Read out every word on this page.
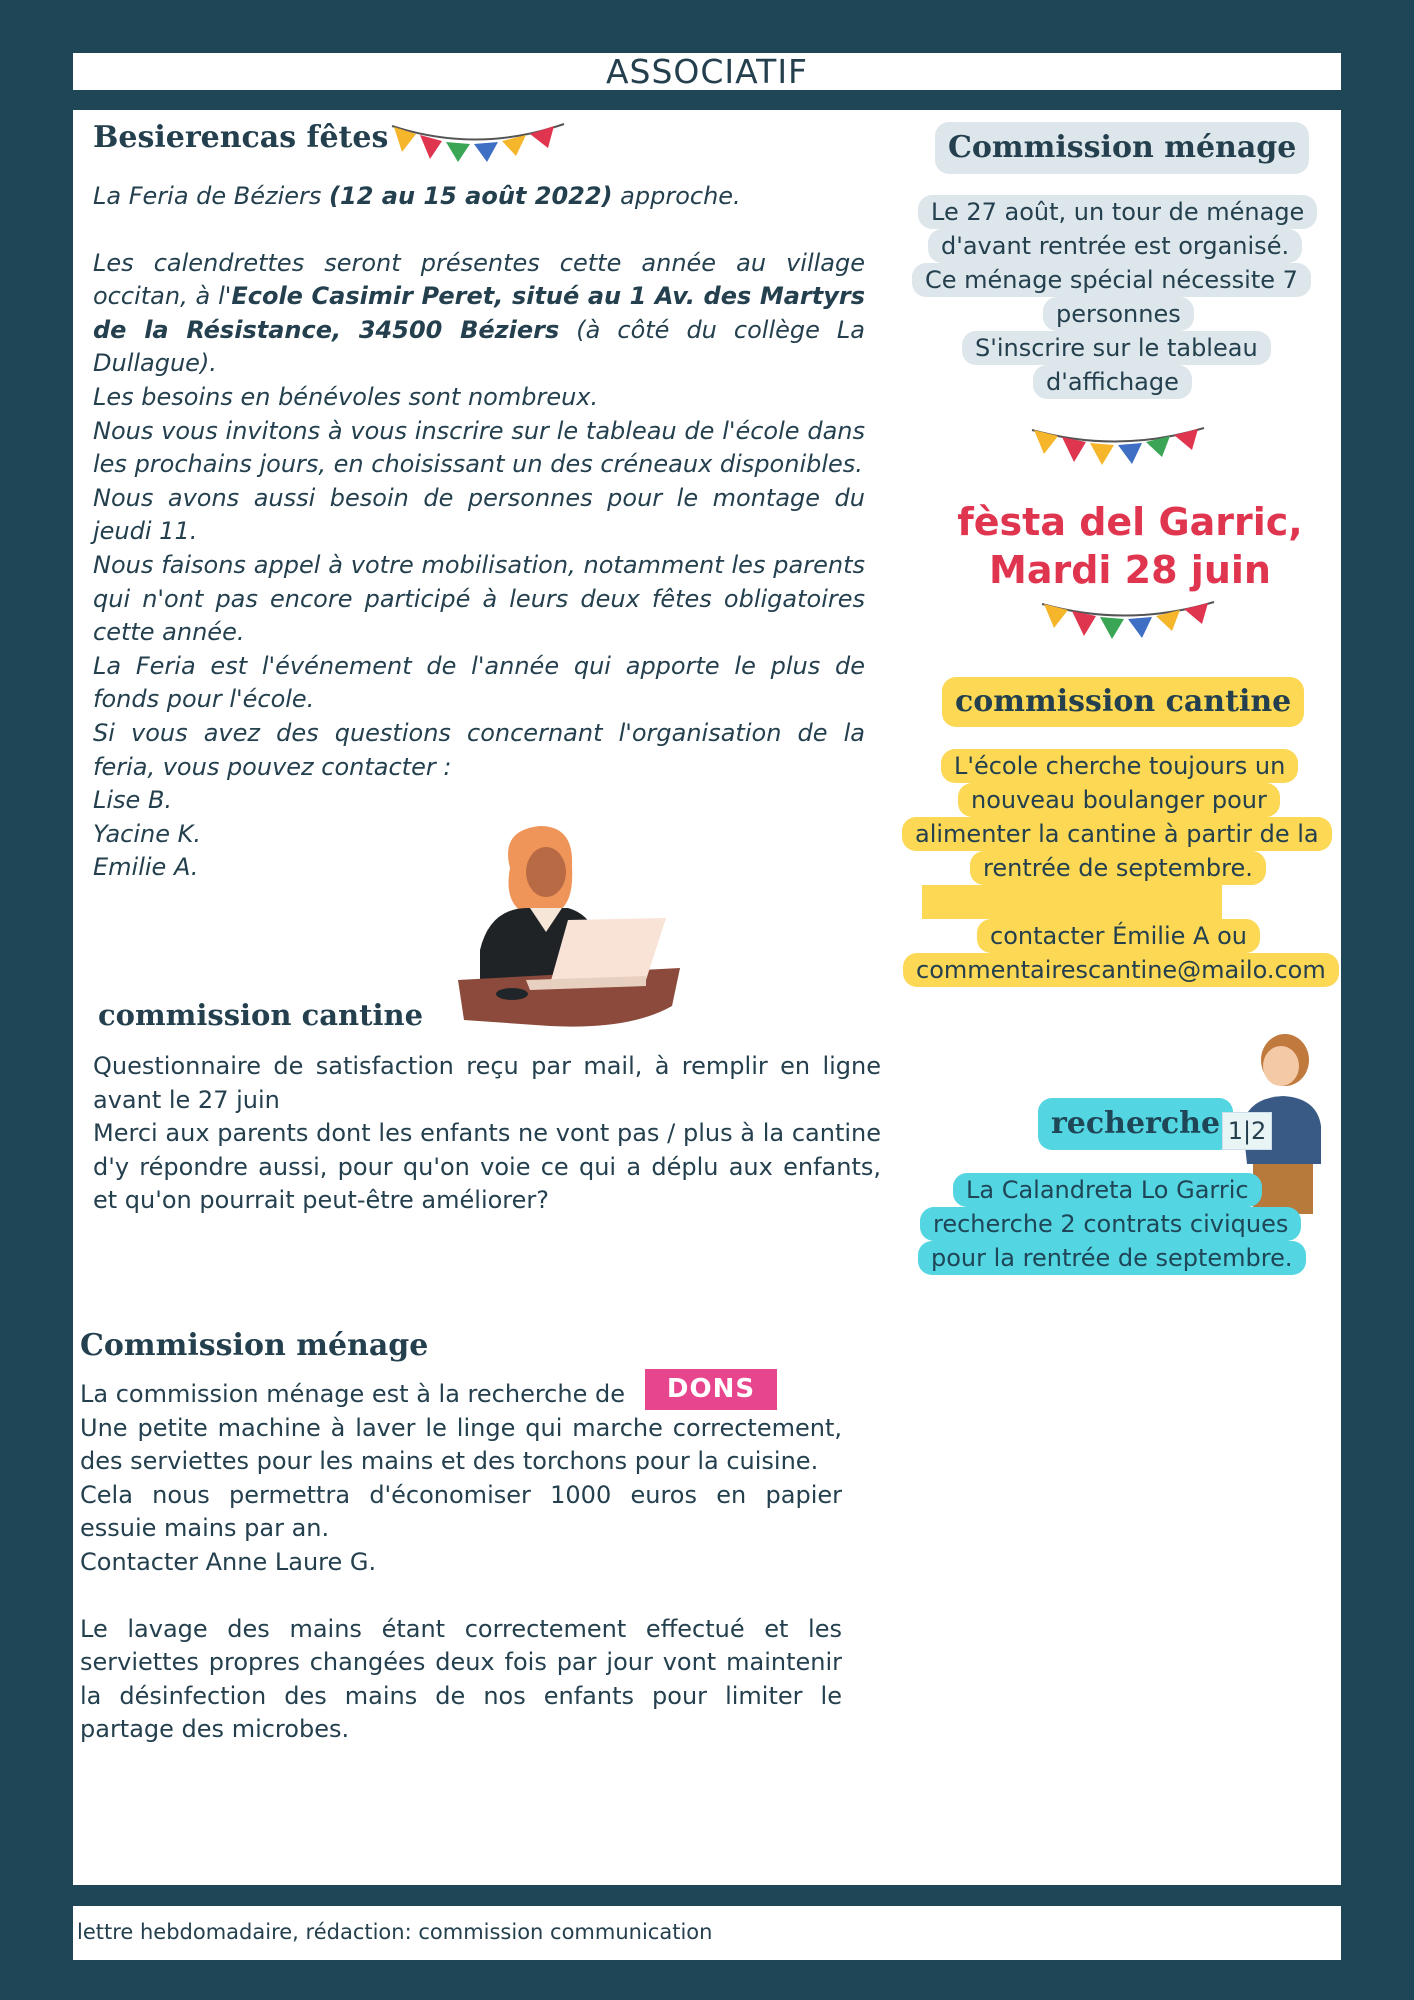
ASSOCIATIF
Besierencas fêtes
La Feria de Béziers (12 au 15 août 2022) approche.
Les calendrettes seront présentes cette année au village occitan, à l'Ecole Casimir Peret, situé au 1 Av. des Martyrs de la Résistance, 34500 Béziers (à côté du collège La Dullague).
Les besoins en bénévoles sont nombreux.
Nous vous invitons à vous inscrire sur le tableau de l'école dans les prochains jours, en choisissant un des créneaux disponibles.
Nous avons aussi besoin de personnes pour le montage du jeudi 11.
Nous faisons appel à votre mobilisation, notamment les parents qui n'ont pas encore participé à leurs deux fêtes obligatoires cette année.
La Feria est l'événement de l'année qui apporte le plus de fonds pour l'école.
Si vous avez des questions concernant l'organisation de la feria, vous pouvez contacter :
Lise B.
Yacine K.
Emilie A.
commission cantine
Questionnaire de satisfaction reçu par mail, à remplir en ligne avant le 27 juin
Merci aux parents dont les enfants ne vont pas / plus à la cantine d'y répondre aussi, pour qu'on voie ce qui a déplu aux enfants, et qu'on pourrait peut-être améliorer?
Commission ménage
La commission ménage est à la recherche de
Une petite machine à laver le linge qui marche correctement, des serviettes pour les mains et des torchons pour la cuisine.
Cela nous permettra d'économiser 1000 euros en papier essuie mains par an.
Contacter Anne Laure G.
Le lavage des mains étant correctement effectué et les serviettes propres changées deux fois par jour vont maintenir la désinfection des mains de nos enfants pour limiter le partage des microbes.
DONS
Commission ménage
Le 27 août, un tour de ménage
d'avant rentrée est organisé.
Ce ménage spécial nécessite 7
personnes
S'inscrire sur le tableau
d'affichage
fèsta del Garric,
Mardi 28 juin
commission cantine
L'école cherche toujours un
nouveau boulanger pour
alimenter la cantine à partir de la
rentrée de septembre.
contacter Émilie A ou
commentairescantine@mailo.com
recherche 1|2
La Calandreta Lo Garric
recherche 2 contrats civiques
pour la rentrée de septembre.
lettre hebdomadaire, rédaction: commission communication
